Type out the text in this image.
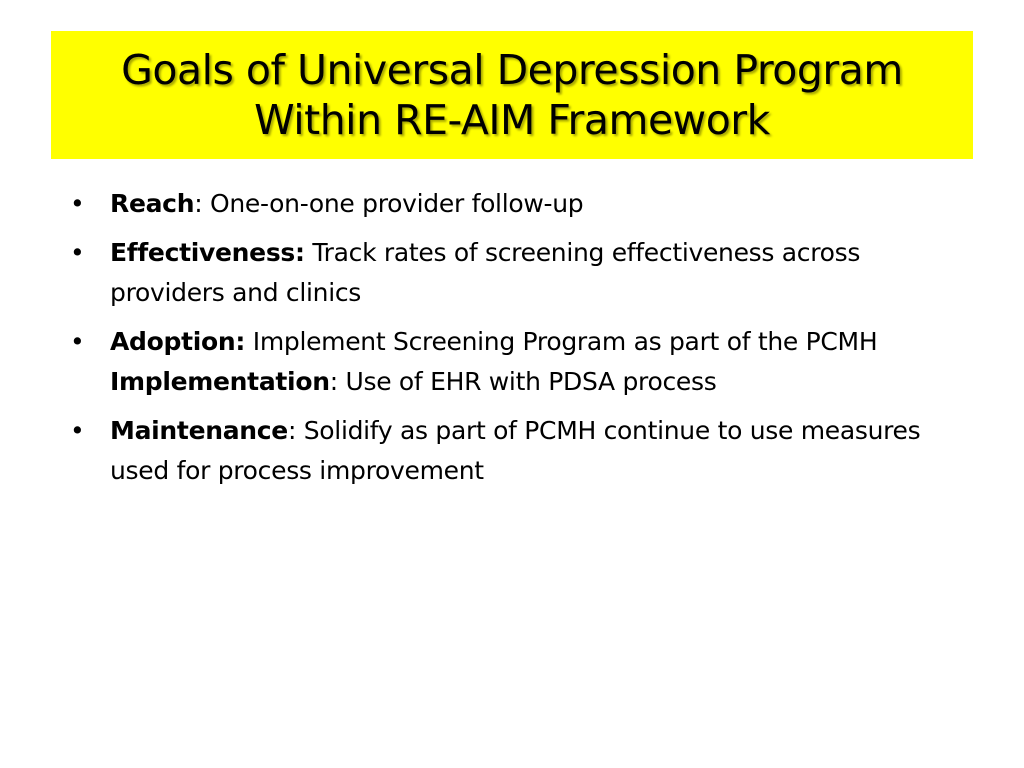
Goals of Universal Depression Program
Within RE-AIM Framework
• Reach: One-on-one provider follow-up
• Effectiveness: Track rates of screening effectiveness across providers and clinics
• Adoption: Implement Screening Program as part of the PCMH
Implementation: Use of EHR with PDSA process
• Maintenance: Solidify as part of PCMH continue to use measures used for process improvement
